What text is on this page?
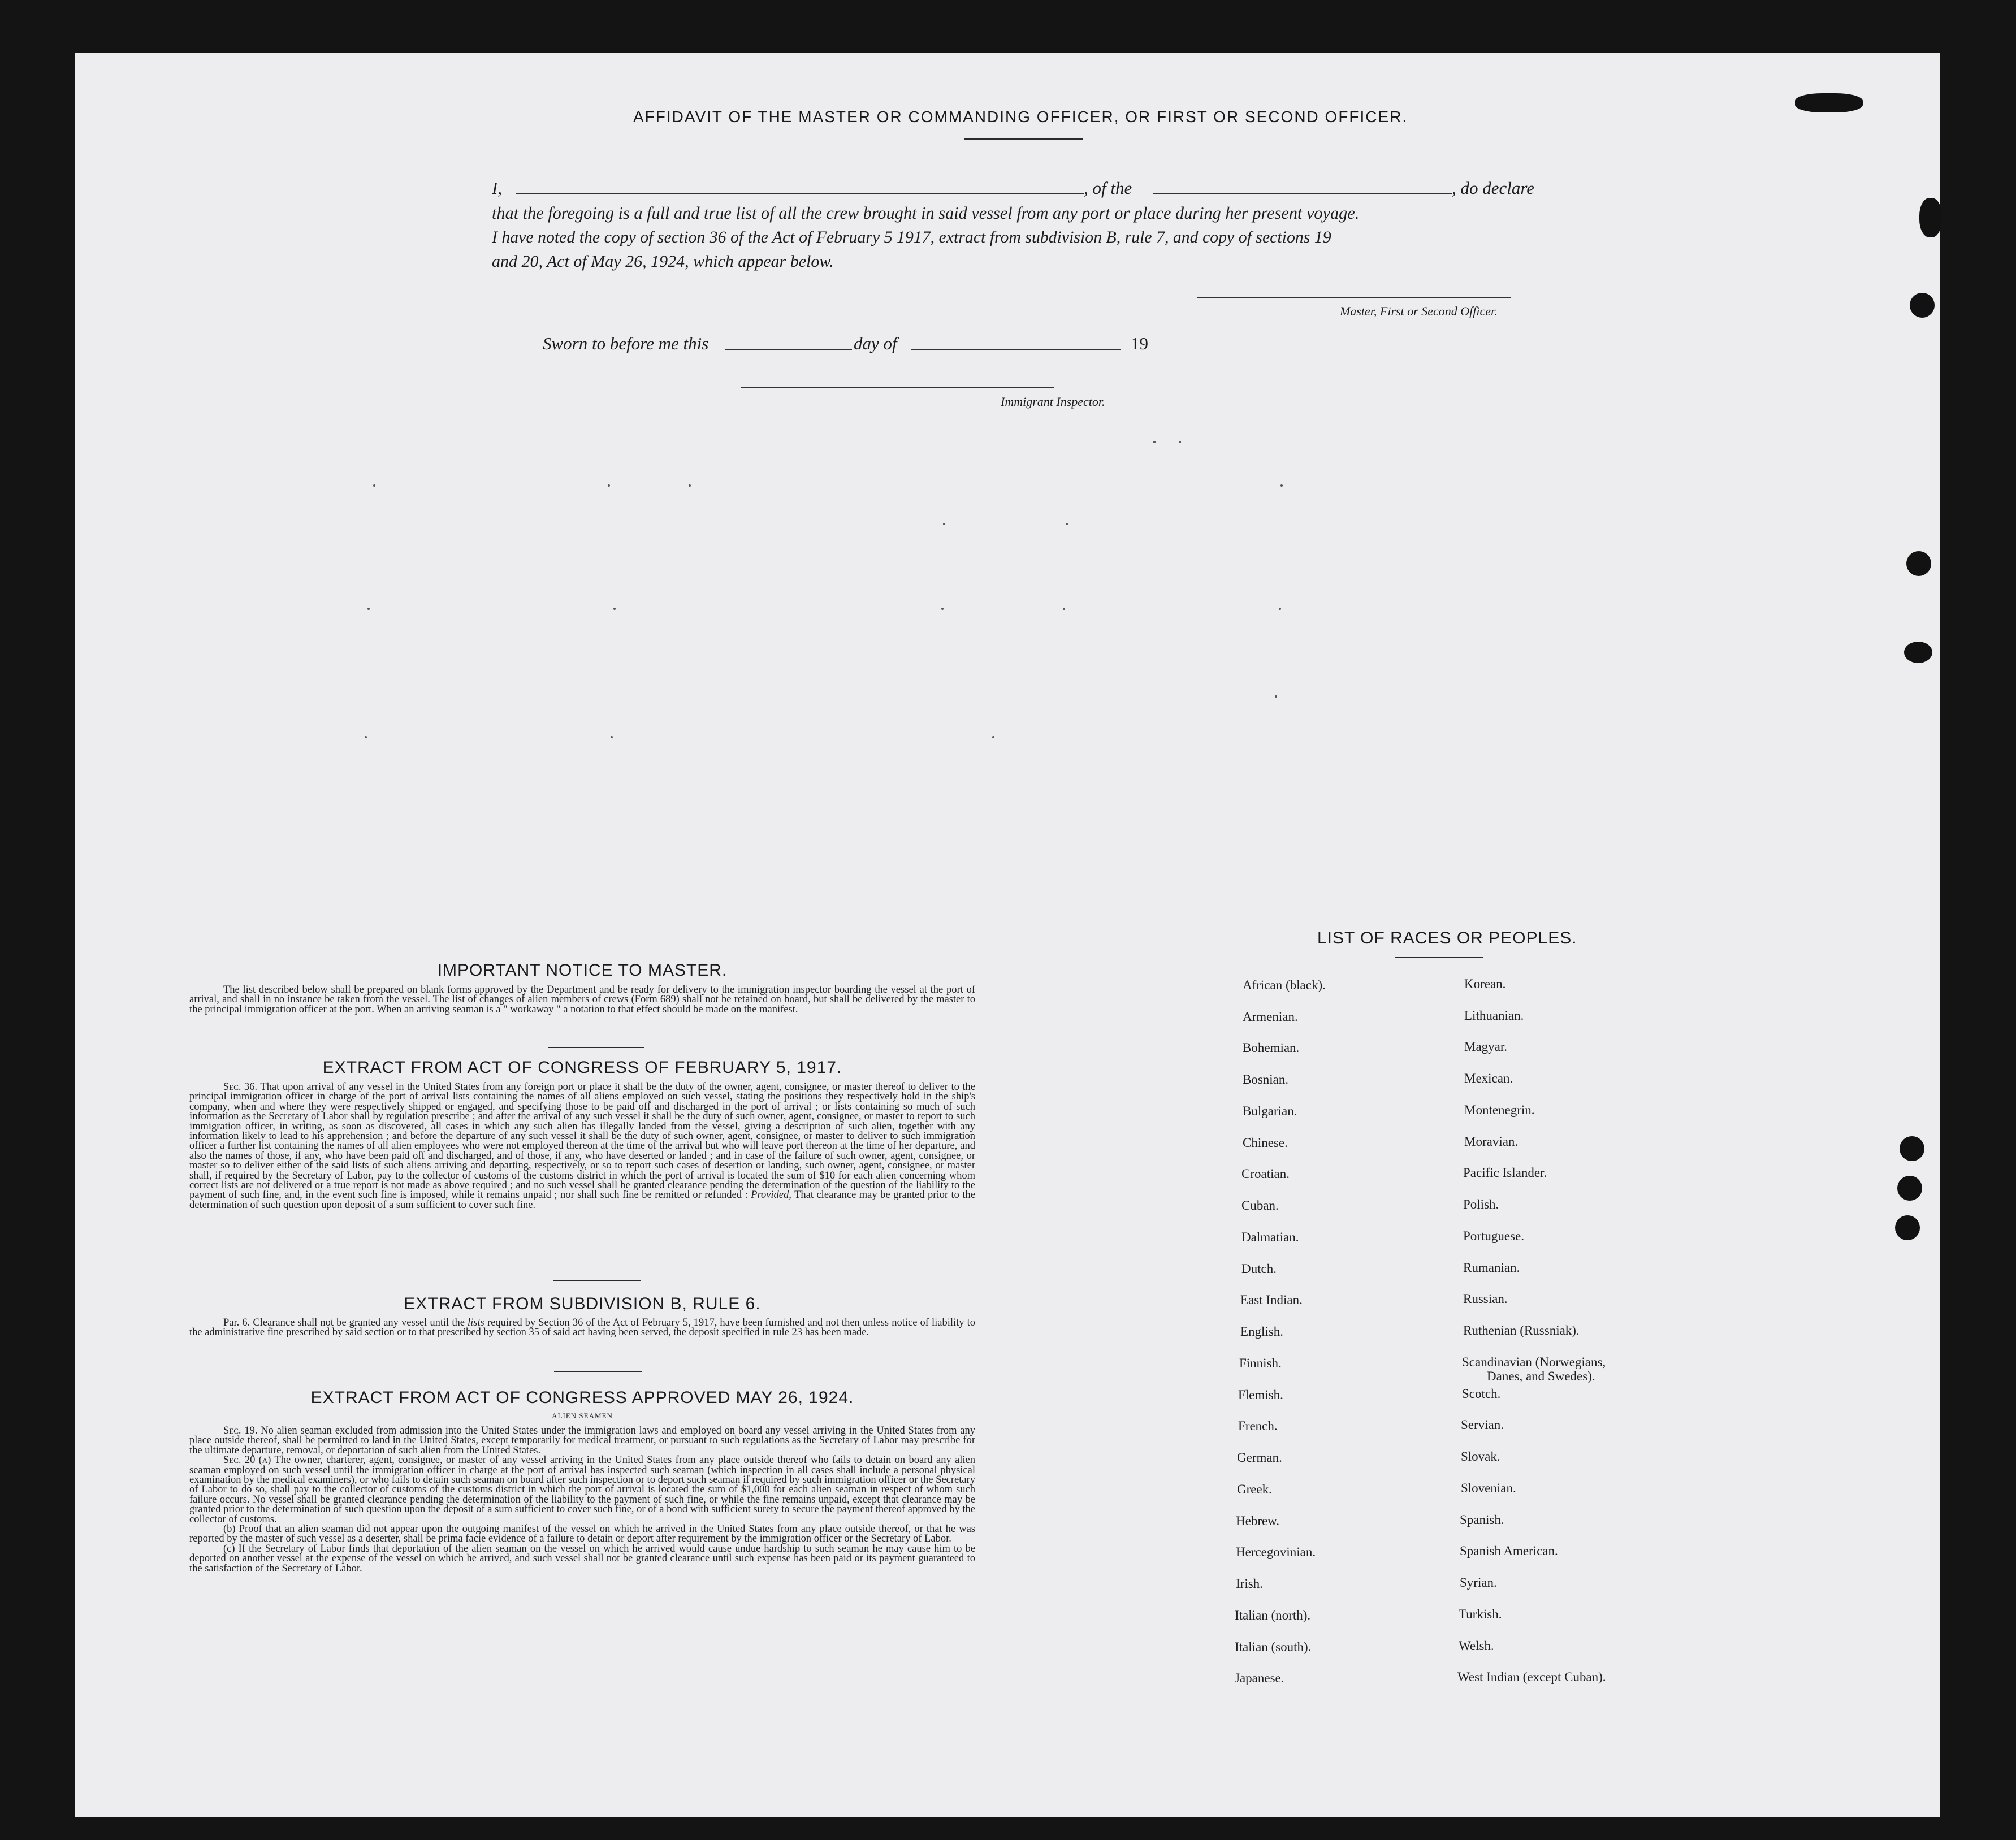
AFFIDAVIT OF THE MASTER OR COMMANDING OFFICER, OR FIRST OR SECOND OFFICER.
I,	, of the	, do declare
that the foregoing is a full and true list of all the crew brought in said vessel from any port or place during her present voyage.
I have noted the copy of section 36 of the Act of February 5 1917, extract from subdivision B, rule 7, and copy of sections 19
and 20, Act of May 26, 1924, which appear below.
Master, First or Second Officer.
Sworn to before me this	day of	19
Immigrant Inspector.
IMPORTANT NOTICE TO MASTER.
The list described below shall be prepared on blank forms approved by the Department and be ready for delivery to the immigration inspector boarding the vessel at the port of arrival, and shall in no instance be taken from the vessel. The list of changes of alien members of crews (Form 689) shall not be retained on board, but shall be delivered by the master to the principal immigration officer at the port. When an arriving seaman is a " workaway " a notation to that effect should be made on the manifest.
EXTRACT FROM ACT OF CONGRESS OF FEBRUARY 5, 1917.
Sec. 36. That upon arrival of any vessel in the United States from any foreign port or place it shall be the duty of the owner, agent, consignee, or master thereof to deliver to the principal immigration officer in charge of the port of arrival lists containing the names of all aliens employed on such vessel, stating the positions they respectively hold in the ship's company, when and where they were respectively shipped or engaged, and specifying those to be paid off and discharged in the port of arrival ; or lists containing so much of such information as the Secretary of Labor shall by regulation prescribe ; and after the arrival of any such vessel it shall be the duty of such owner, agent, consignee, or master to report to such immigration officer, in writing, as soon as discovered, all cases in which any such alien has illegally landed from the vessel, giving a description of such alien, together with any information likely to lead to his apprehension ; and before the departure of any such vessel it shall be the duty of such owner, agent, consignee, or master to deliver to such immigration officer a further list containing the names of all alien employees who were not employed thereon at the time of the arrival but who will leave port thereon at the time of her departure, and also the names of those, if any, who have been paid off and discharged, and of those, if any, who have deserted or landed ; and in case of the failure of such owner, agent, consignee, or master so to deliver either of the said lists of such aliens arriving and departing, respectively, or so to report such cases of desertion or landing, such owner, agent, consignee, or master shall, if required by the Secretary of Labor, pay to the collector of customs of the customs district in which the port of arrival is located the sum of $10 for each alien concerning whom correct lists are not delivered or a true report is not made as above required ; and no such vessel shall be granted clearance pending the determination of the question of the liability to the payment of such fine, and, in the event such fine is imposed, while it remains unpaid ; nor shall such fine be remitted or refunded : Provided, That clearance may be granted prior to the determination of such question upon deposit of a sum sufficient to cover such fine.
EXTRACT FROM SUBDIVISION B, RULE 6.
Par. 6. Clearance shall not be granted any vessel until the lists required by Section 36 of the Act of February 5, 1917, have been furnished and not then unless notice of liability to the administrative fine prescribed by said section or to that prescribed by section 35 of said act having been served, the deposit specified in rule 23 has been made.
EXTRACT FROM ACT OF CONGRESS APPROVED MAY 26, 1924.
ALIEN SEAMEN
Sec. 19. No alien seaman excluded from admission into the United States under the immigration laws and employed on board any vessel arriving in the United States from any place outside thereof, shall be permitted to land in the United States, except temporarily for medical treatment, or pursuant to such regulations as the Secretary of Labor may prescribe for the ultimate departure, removal, or deportation of such alien from the United States.
Sec. 20 (a) The owner, charterer, agent, consignee, or master of any vessel arriving in the United States from any place outside thereof who fails to detain on board any alien seaman employed on such vessel until the immigration officer in charge at the port of arrival has inspected such seaman (which inspection in all cases shall include a personal physical examination by the medical examiners), or who fails to detain such seaman on board after such inspection or to deport such seaman if required by such immigration officer or the Secretary of Labor to do so, shall pay to the collector of customs of the customs district in which the port of arrival is located the sum of $1,000 for each alien seaman in respect of whom such failure occurs. No vessel shall be granted clearance pending the determination of the liability to the payment of such fine, or while the fine remains unpaid, except that clearance may be granted prior to the determination of such question upon the deposit of a sum sufficient to cover such fine, or of a bond with sufficient surety to secure the payment thereof approved by the collector of customs.
(b) Proof that an alien seaman did not appear upon the outgoing manifest of the vessel on which he arrived in the United States from any place outside thereof, or that he was reported by the master of such vessel as a deserter, shall be prima facie evidence of a failure to detain or deport after requirement by the immigration officer or the Secretary of Labor.
(c) If the Secretary of Labor finds that deportation of the alien seaman on the vessel on which he arrived would cause undue hardship to such seaman he may cause him to be deported on another vessel at the expense of the vessel on which he arrived, and such vessel shall not be granted clearance until such expense has been paid or its payment guaranteed to the satisfaction of the Secretary of Labor.
LIST OF RACES OR PEOPLES.
African (black).
Armenian.
Bohemian.
Bosnian.
Bulgarian.
Chinese.
Croatian.
Cuban.
Dalmatian.
Dutch.
East Indian.
English.
Finnish.
Flemish.
French.
German.
Greek.
Hebrew.
Hercegovinian.
Irish.
Italian (north).
Italian (south).
Japanese.
Korean.
Lithuanian.
Magyar.
Mexican.
Montenegrin.
Moravian.
Pacific Islander.
Polish.
Portuguese.
Rumanian.
Russian.
Ruthenian (Russniak).
Scandinavian (Norwegians,
Danes, and Swedes).
Scotch.
Servian.
Slovak.
Slovenian.
Spanish.
Spanish American.
Syrian.
Turkish.
Welsh.
West Indian (except Cuban).
